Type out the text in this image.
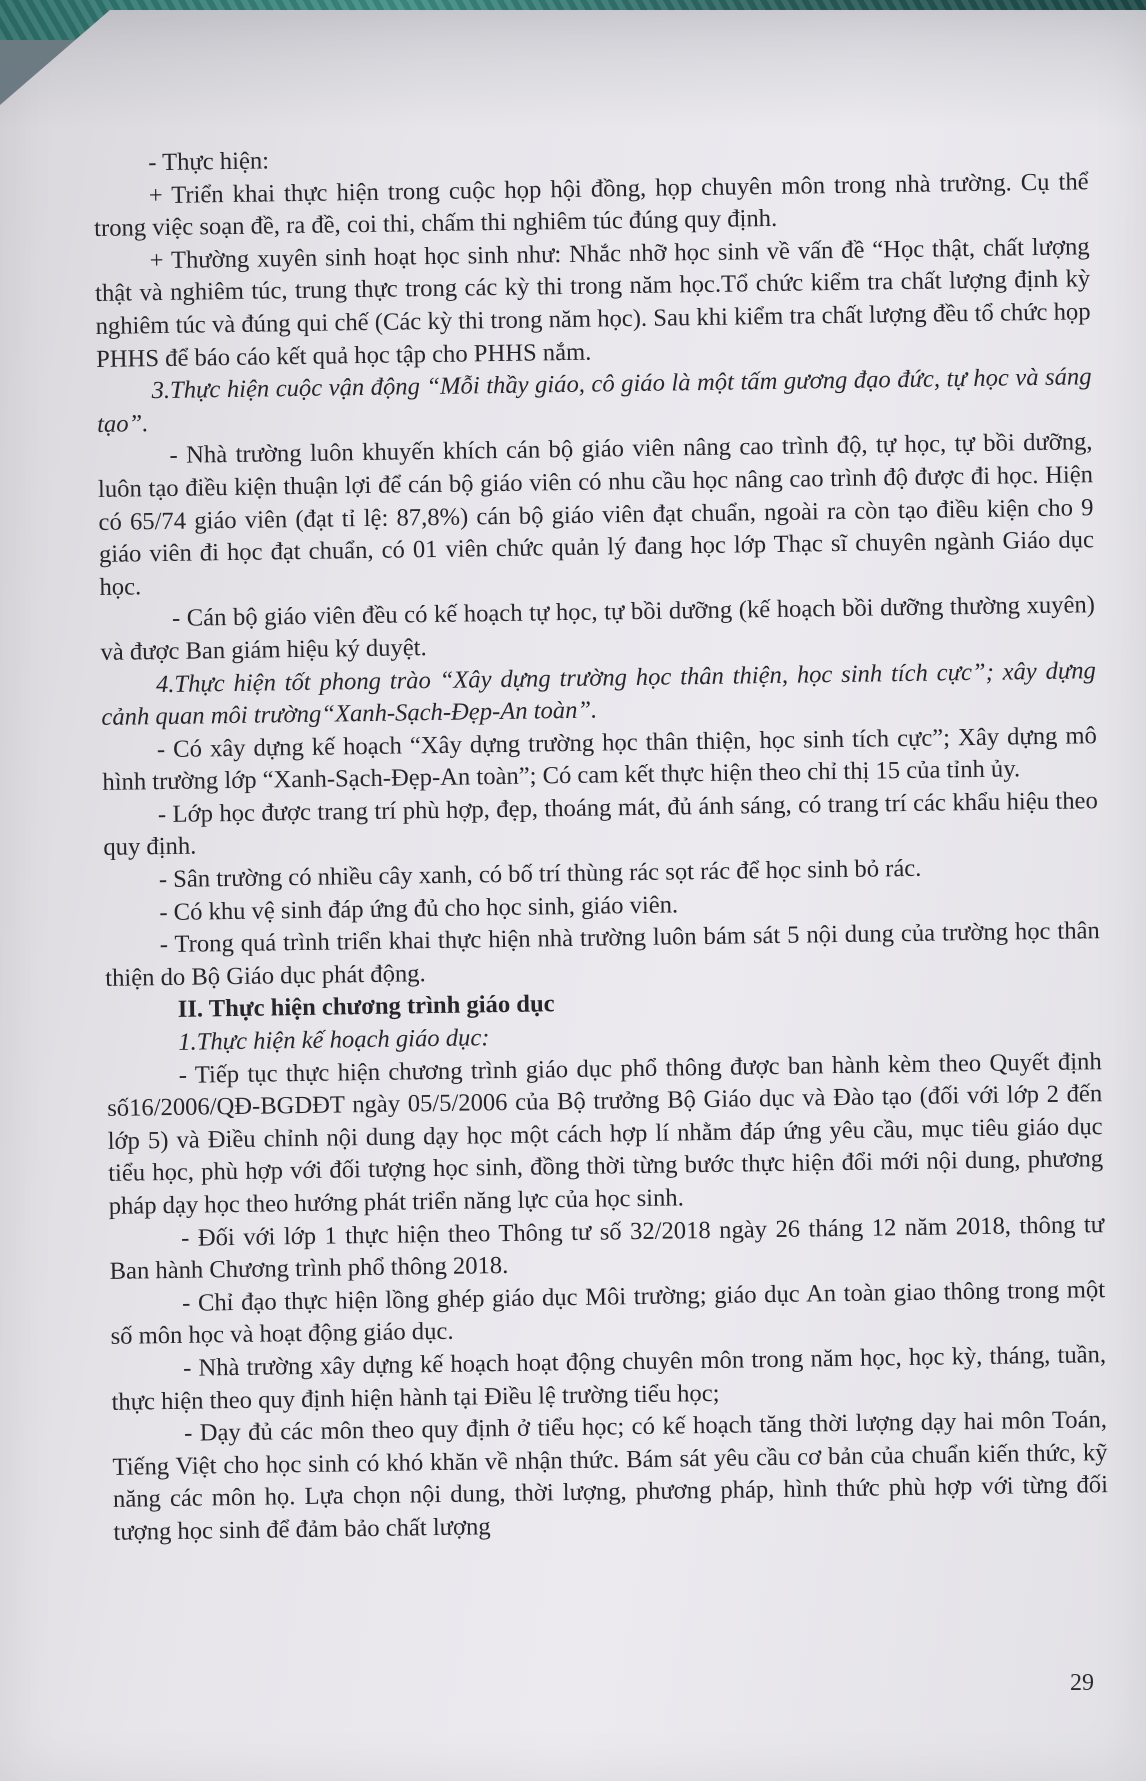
- Thực hiện:

+ Triển khai thực hiện trong cuộc họp hội đồng, họp chuyên môn trong nhà trường. Cụ thể trong việc soạn đề, ra đề, coi thi, chấm thi nghiêm túc đúng quy định.

+ Thường xuyên sinh hoạt học sinh như: Nhắc nhỡ học sinh về vấn đề “Học thật, chất lượng thật và nghiêm túc, trung thực trong các kỳ thi trong năm học.Tổ chức kiểm tra chất lượng định kỳ nghiêm túc và đúng qui chế (Các kỳ thi trong năm học). Sau khi kiểm tra chất lượng đều tổ chức họp PHHS để báo cáo kết quả học tập cho PHHS nắm.

3.Thực hiện cuộc vận động “Mỗi thầy giáo, cô giáo là một tấm gương đạo đức, tự học và sáng tạo”.

- Nhà trường luôn khuyến khích cán bộ giáo viên nâng cao trình độ, tự học, tự bồi dưỡng, luôn tạo điều kiện thuận lợi để cán bộ giáo viên có nhu cầu học nâng cao trình độ được đi học. Hiện có 65/74 giáo viên (đạt tỉ lệ: 87,8%) cán bộ giáo viên đạt chuẩn, ngoài ra còn tạo điều kiện cho 9 giáo viên đi học đạt chuẩn, có 01 viên chức quản lý đang học lớp Thạc sĩ chuyên ngành Giáo dục học.

- Cán bộ giáo viên đều có kế hoạch tự học, tự bồi dưỡng (kế hoạch bồi dưỡng thường xuyên) và được Ban giám hiệu ký duyệt.

4.Thực hiện tốt phong trào “Xây dựng trường học thân thiện, học sinh tích cực”; xây dựng cảnh quan môi trường“Xanh-Sạch-Đẹp-An toàn”.

- Có xây dựng kế hoạch “Xây dựng trường học thân thiện, học sinh tích cực”; Xây dựng mô hình trường lớp “Xanh-Sạch-Đẹp-An toàn”; Có cam kết thực hiện theo chỉ thị 15 của tỉnh ủy.

- Lớp học được trang trí phù hợp, đẹp, thoáng mát, đủ ánh sáng, có trang trí các khẩu hiệu theo quy định.

- Sân trường có nhiều cây xanh, có bố trí thùng rác sọt rác để học sinh bỏ rác.

- Có khu vệ sinh đáp ứng đủ cho học sinh, giáo viên.

- Trong quá trình triển khai thực hiện nhà trường luôn bám sát 5 nội dung của trường học thân thiện do Bộ Giáo dục phát động.

II. Thực hiện chương trình giáo dục

1.Thực hiện kế hoạch giáo dục:

- Tiếp tục thực hiện chương trình giáo dục phổ thông được ban hành kèm theo Quyết định số16/2006/QĐ-BGDĐT ngày 05/5/2006 của Bộ trưởng Bộ Giáo dục và Đào tạo (đối với lớp 2 đến lớp 5) và Điều chỉnh nội dung dạy học một cách hợp lí nhằm đáp ứng yêu cầu, mục tiêu giáo dục tiểu học, phù hợp với đối tượng học sinh, đồng thời từng bước thực hiện đổi mới nội dung, phương pháp dạy học theo hướng phát triển năng lực của học sinh.

- Đối với lớp 1 thực hiện theo Thông tư số 32/2018 ngày 26 tháng 12 năm 2018, thông tư Ban hành Chương trình phổ thông 2018.

- Chỉ đạo thực hiện lồng ghép giáo dục Môi trường; giáo dục An toàn giao thông trong một số môn học và hoạt động giáo dục.

- Nhà trường xây dựng kế hoạch hoạt động chuyên môn trong năm học, học kỳ, tháng, tuần, thực hiện theo quy định hiện hành tại Điều lệ trường tiểu học;

- Dạy đủ các môn theo quy định ở tiểu học; có kế hoạch tăng thời lượng dạy hai môn Toán, Tiếng Việt cho học sinh có khó khăn về nhận thức. Bám sát yêu cầu cơ bản của chuẩn kiến thức, kỹ năng các môn họ. Lựa chọn nội dung, thời lượng, phương pháp, hình thức phù hợp với từng đối tượng học sinh để đảm bảo chất lượng

29
